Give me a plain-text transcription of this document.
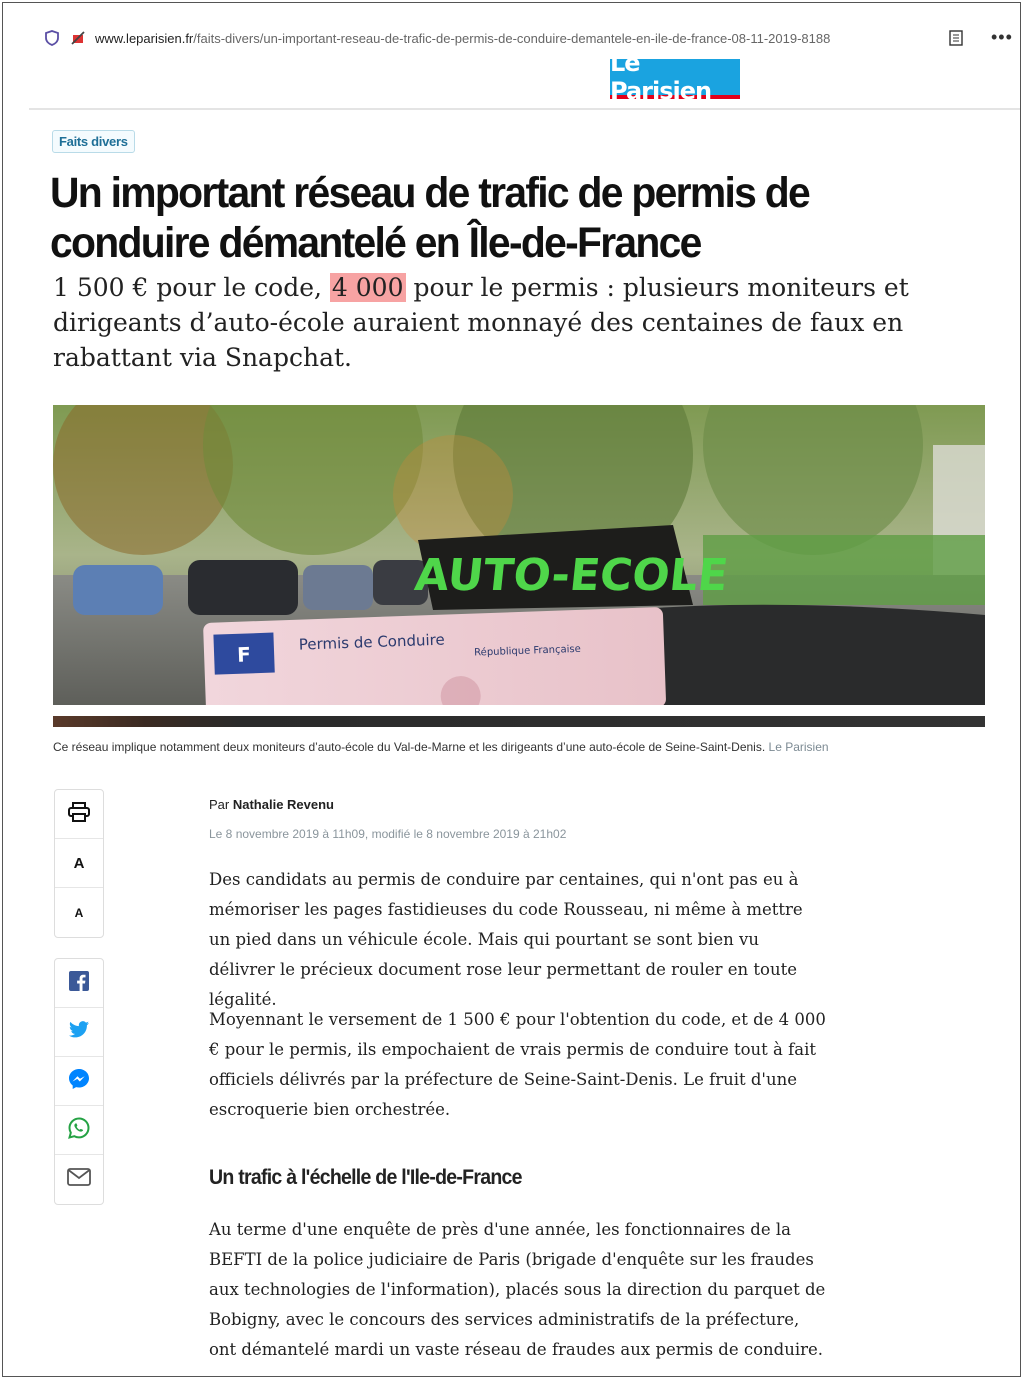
www.leparisien.fr/faits-divers/un-important-reseau-de-trafic-de-permis-de-conduire-demantele-en-ile-de-france-08-11-2019-8188	•••
Le Parisien
Faits divers
Un important réseau de trafic de permis de conduire démantelé en Île-de-France

1 500 € pour le code, 4 000 pour le permis : plusieurs moniteurs et dirigeants d’auto-école auraient monnayé des centaines de faux en rabattant via Snapchat.

AUTO-ECOLE
F
Permis de Conduire	République Française

Ce réseau implique notamment deux moniteurs d’auto-école du Val-de-Marne et les dirigeants d’une auto-école de Seine-Saint-Denis. Le Parisien

A
A
Par Nathalie Revenu
Le 8 novembre 2019 à 11h09, modifié le 8 novembre 2019 à 21h02

Des candidats au permis de conduire par centaines, qui n'ont pas eu à mémoriser les pages fastidieuses du code Rousseau, ni même à mettre un pied dans un véhicule école. Mais qui pourtant se sont bien vu délivrer le précieux document rose leur permettant de rouler en toute légalité.

Moyennant le versement de 1 500 € pour l'obtention du code, et de 4 000 € pour le permis, ils empochaient de vrais permis de conduire tout à fait officiels délivrés par la préfecture de Seine-Saint-Denis. Le fruit d'une escroquerie bien orchestrée.

Un trafic à l'échelle de l'Ile-de-France

Au terme d'une enquête de près d'une année, les fonctionnaires de la BEFTI de la police judiciaire de Paris (brigade d'enquête sur les fraudes aux technologies de l'information), placés sous la direction du parquet de Bobigny, avec le concours des services administratifs de la préfecture, ont démantelé mardi un vaste réseau de fraudes aux permis de conduire.
